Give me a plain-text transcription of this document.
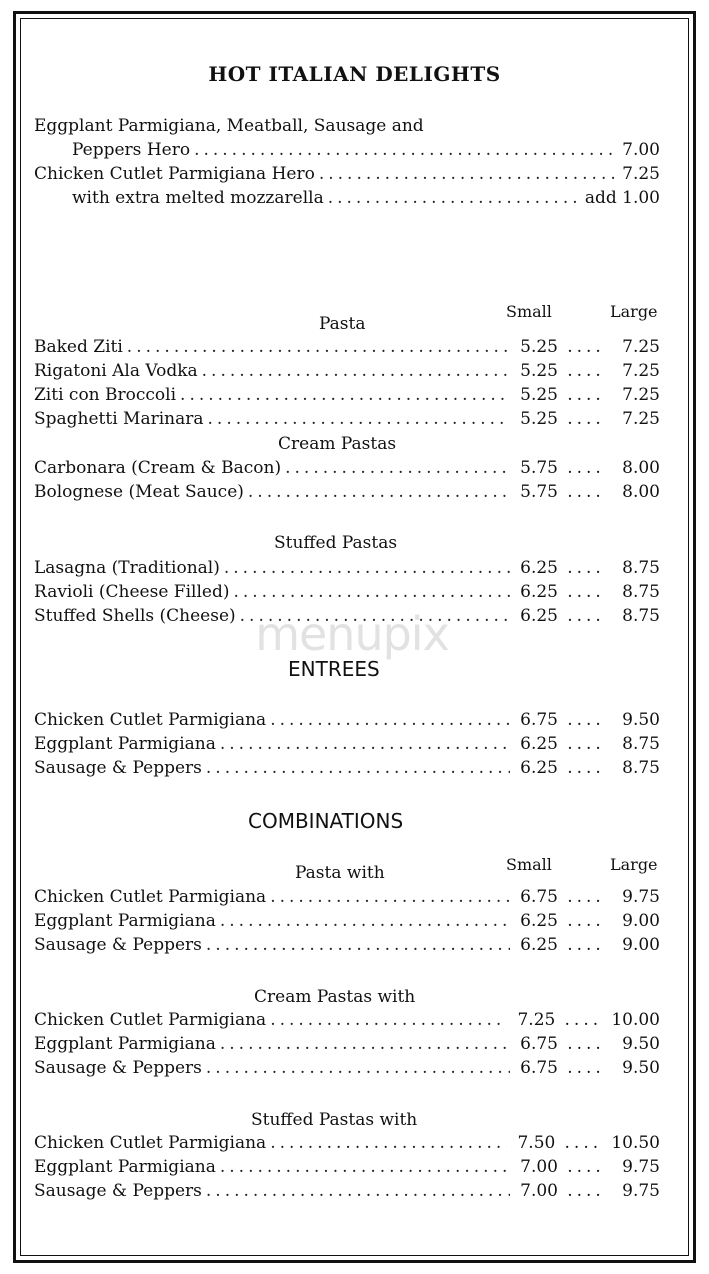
menupix
HOT ITALIAN DELIGHTS
Eggplant Parmigiana, Meatball, Sausage and
Peppers Hero .....	7.00
Chicken Cutlet Parmigiana Hero .....	7.25
with extra melted mozzarella .....	add 1.00
Small	Large
Pasta
Baked Ziti .....	5.25 ....	7.25
Rigatoni Ala Vodka .....	5.25 ....	7.25
Ziti con Broccoli .....	5.25 ....	7.25
Spaghetti Marinara .....	5.25 ....	7.25
Cream Pastas
Carbonara (Cream & Bacon) .....	5.75 ....	8.00
Bolognese (Meat Sauce) .....	5.75 ....	8.00
Stuffed Pastas
Lasagna (Traditional) .....	6.25 ....	8.75
Ravioli (Cheese Filled) .....	6.25 ....	8.75
Stuffed Shells (Cheese) .....	6.25 ....	8.75
ENTREES
Chicken Cutlet Parmigiana .....	6.75 ....	9.50
Eggplant Parmigiana .....	6.25 ....	8.75
Sausage & Peppers .....	6.25 ....	8.75
COMBINATIONS
Small	Large
Pasta with
Chicken Cutlet Parmigiana .....	6.75 ....	9.75
Eggplant Parmigiana .....	6.25 ....	9.00
Sausage & Peppers .....	6.25 ....	9.00
Cream Pastas with
Chicken Cutlet Parmigiana .....	7.25 ....	10.00
Eggplant Parmigiana .....	6.75 ....	9.50
Sausage & Peppers .....	6.75 ....	9.50
Stuffed Pastas with
Chicken Cutlet Parmigiana .....	7.50 ....	10.50
Eggplant Parmigiana .....	7.00 ....	9.75
Sausage & Peppers .....	7.00 ....	9.75
